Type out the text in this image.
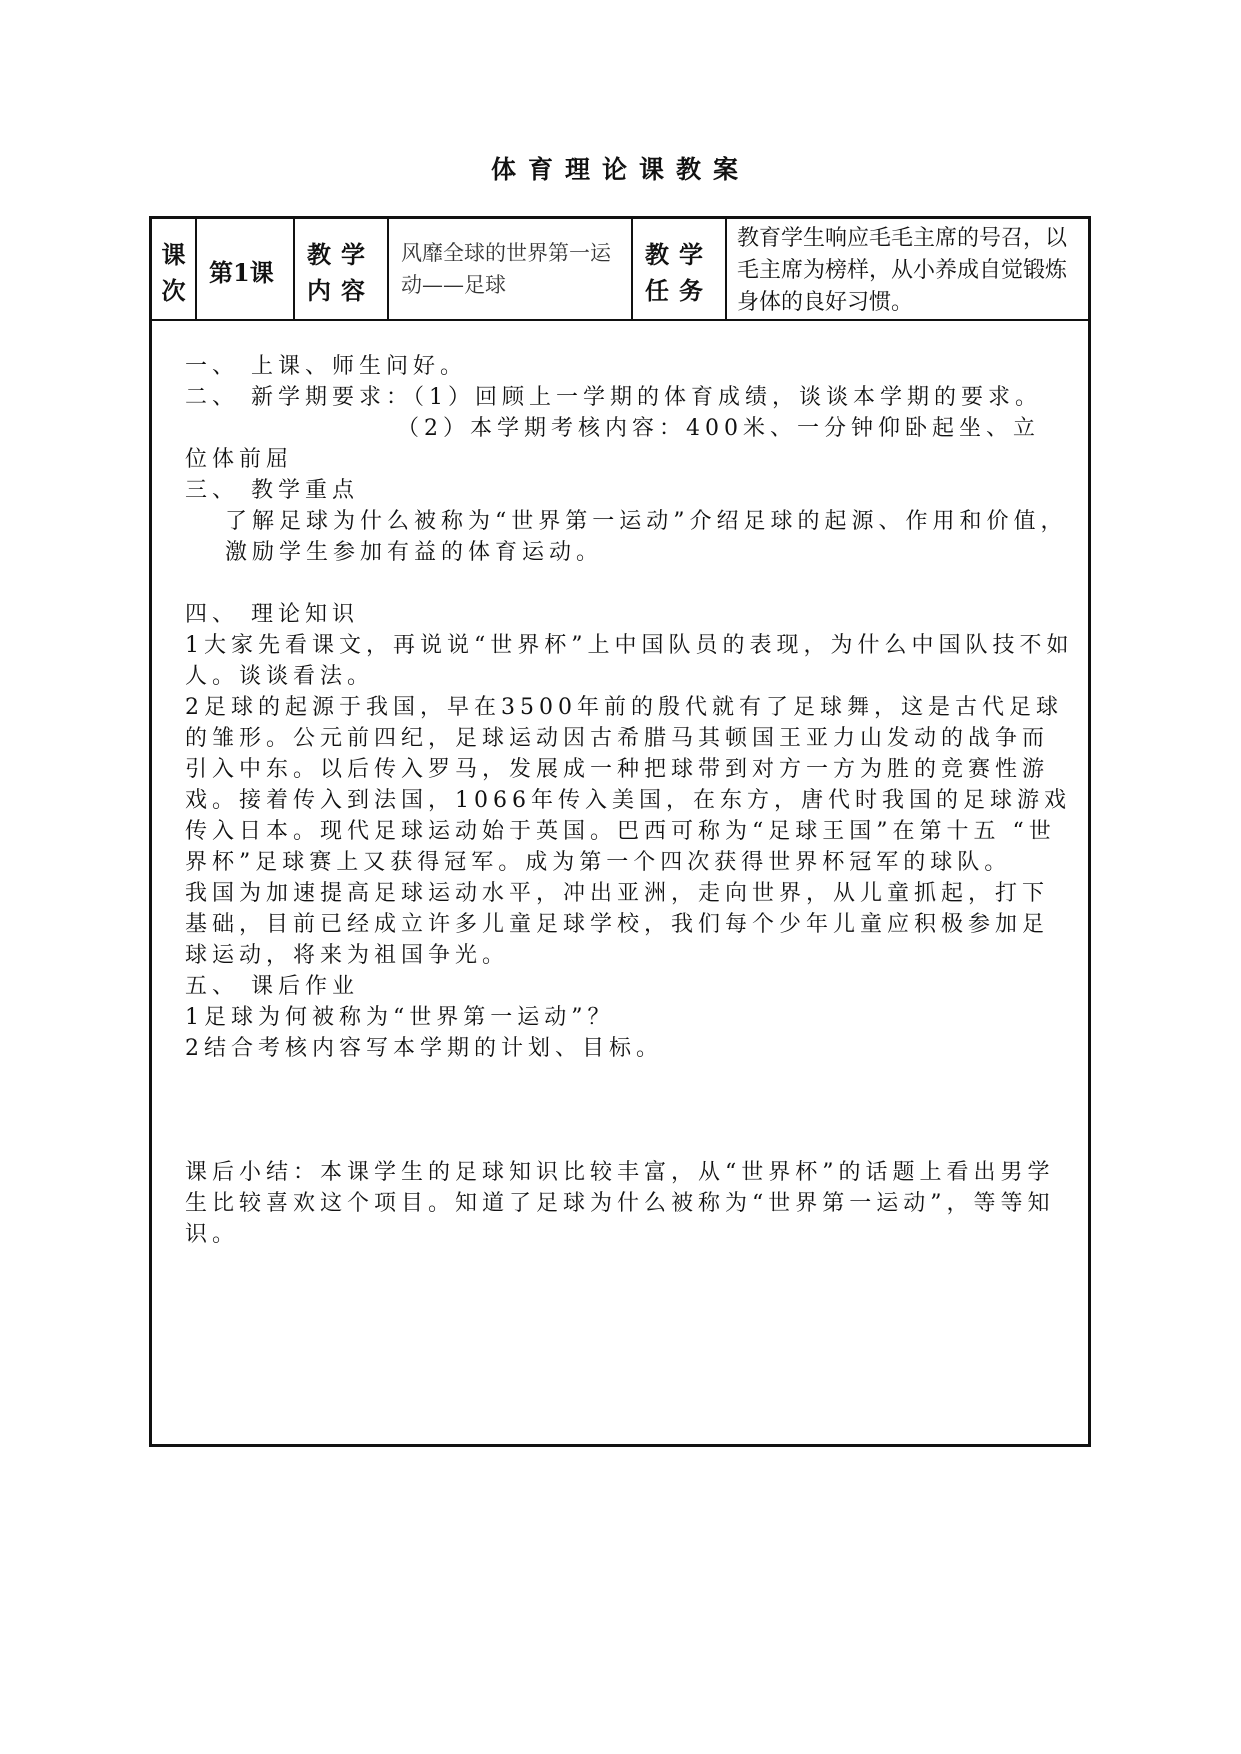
体育理论课教案
课
次
第1课
教学
内容
风靡全球的世界第一运动——足球
教学
任务
教育学生响应毛毛主席的号召，以毛主席为榜样，从小养成自觉锻炼身体的良好习惯。

一、 上课、师生问好。

二、 新学期要求：（1）回顾上一学期的体育成绩，谈谈本学期的要求。

（2）本学期考核内容：400米、一分钟仰卧起坐、立

位体前屈

三、 教学重点

了解足球为什么被称为“世界第一运动”介绍足球的起源、作用和价值，激励学生参加有益的体育运动。

四、 理论知识

1大家先看课文，再说说“世界杯”上中国队员的表现，为什么中国队技不如人。谈谈看法。

2足球的起源于我国，早在3500年前的殷代就有了足球舞，这是古代足球的雏形。公元前四纪，足球运动因古希腊马其顿国王亚力山发动的战争而引入中东。以后传入罗马，发展成一种把球带到对方一方为胜的竞赛性游戏。接着传入到法国，1066年传入美国，在东方，唐代时我国的足球游戏传入日本。现代足球运动始于英国。巴西可称为“足球王国”在第十五 “世界杯”足球赛上又获得冠军。成为第一个四次获得世界杯冠军的球队。

我国为加速提高足球运动水平，冲出亚洲，走向世界，从儿童抓起，打下基础，目前已经成立许多儿童足球学校，我们每个少年儿童应积极参加足球运动，将来为祖国争光。

五、 课后作业

1足球为何被称为“世界第一运动”？

2结合考核内容写本学期的计划、目标。

课后小结：本课学生的足球知识比较丰富，从“世界杯”的话题上看出男学生比较喜欢这个项目。知道了足球为什么被称为“世界第一运动”，等等知识。
